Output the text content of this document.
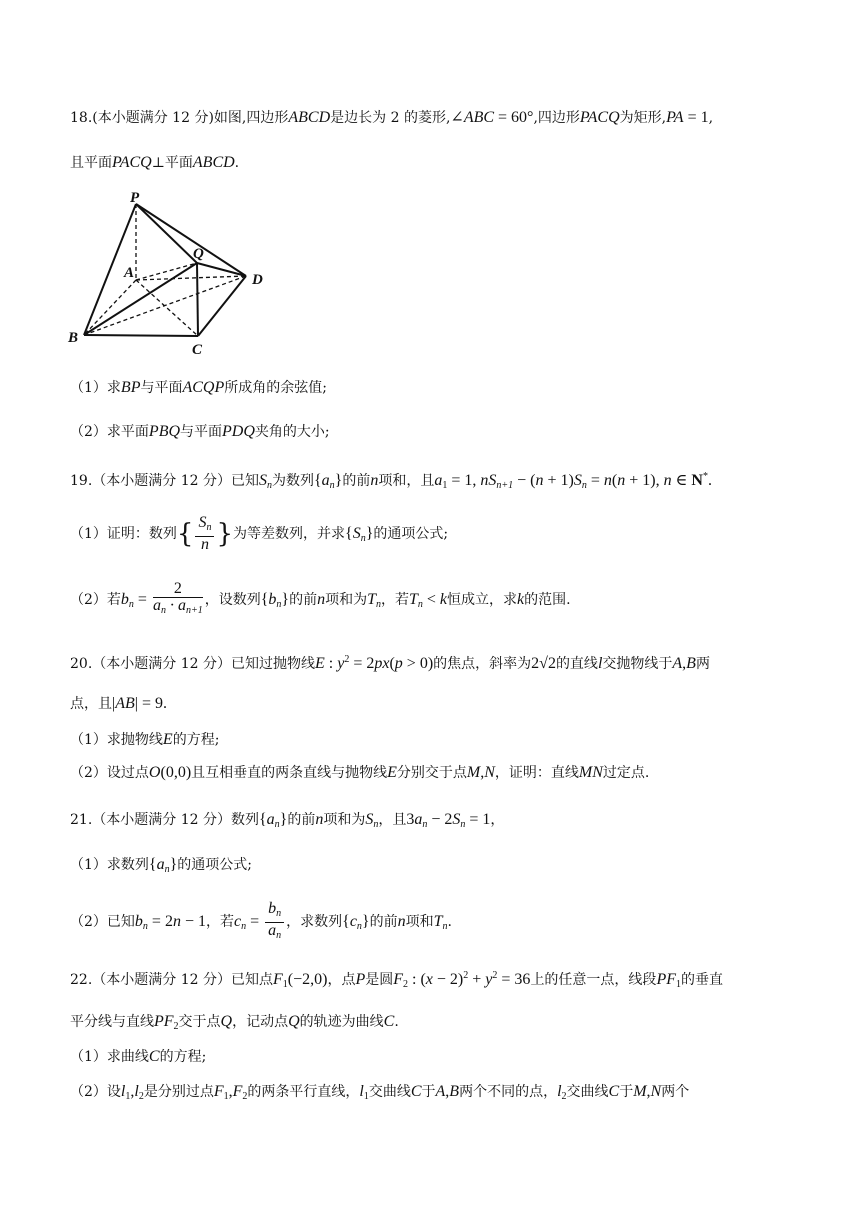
18.(本小题满分 12 分)如图,四边形ABCD是边长为 2 的菱形,∠ABC = 60°,四边形PACQ为矩形,PA = 1,
且平面PACQ⊥平面ABCD.
P
Q
A	D
B
C
（1）求BP与平面ACQP所成角的余弦值;
（2）求平面PBQ与平面PDQ夹角的大小;
19.（本小题满分 12 分）已知$S_n$为数列$\{a_n\}$的前n项和，且$a_1 = 1$, $nS_{n+1} - (n + 1)S_n = n(n + 1)$, n ∈ N*.
（1）证明：数列{ $\frac{S_n}{n}$ }为等差数列，并求$\{S_n\}$的通项公式;
（2）若$b_n = \frac{2}{a_n \cdot a_{n+1}}$ ，设数列$\{b_n\}$的前n项和为$T_n$，若$T_n < k$恒成立，求k的范围.
20.（本小题满分 12 分）已知过抛物线E : $y^2 = 2px(p > 0)$的焦点，斜率为2√2的直线l交抛物线于A,B两
点，且|AB| = 9.
（1）求抛物线E的方程;
（2）设过点O(0,0)且互相垂直的两条直线与抛物线E分别交于点M,N，证明：直线MN过定点.
21.（本小题满分 12 分）数列$\{a_n\}$的前n项和为$S_n$，且$3a_n - 2S_n = 1$，
（1）求数列$\{a_n\}$的通项公式;
（2）已知$b_n = 2n - 1$，若$c_n = \frac{b_n}{a_n}$ ，求数列$\{c_n\}$的前n项和$T_n$.
22.（本小题满分 12 分）已知点$F_1(-2,0)$，点P是圆$F_2$ : $(x - 2)^2 + y^2 = 36$上的任意一点，线段$PF_1$的垂直
平分线与直线$PF_2$交于点Q，记动点Q的轨迹为曲线C.
（1）求曲线C的方程;
（2）设$l_1,l_2$是分别过点$F_1,F_2$的两条平行直线，$l_1$交曲线C于A,B两个不同的点，$l_2$交曲线C于M,N两个
